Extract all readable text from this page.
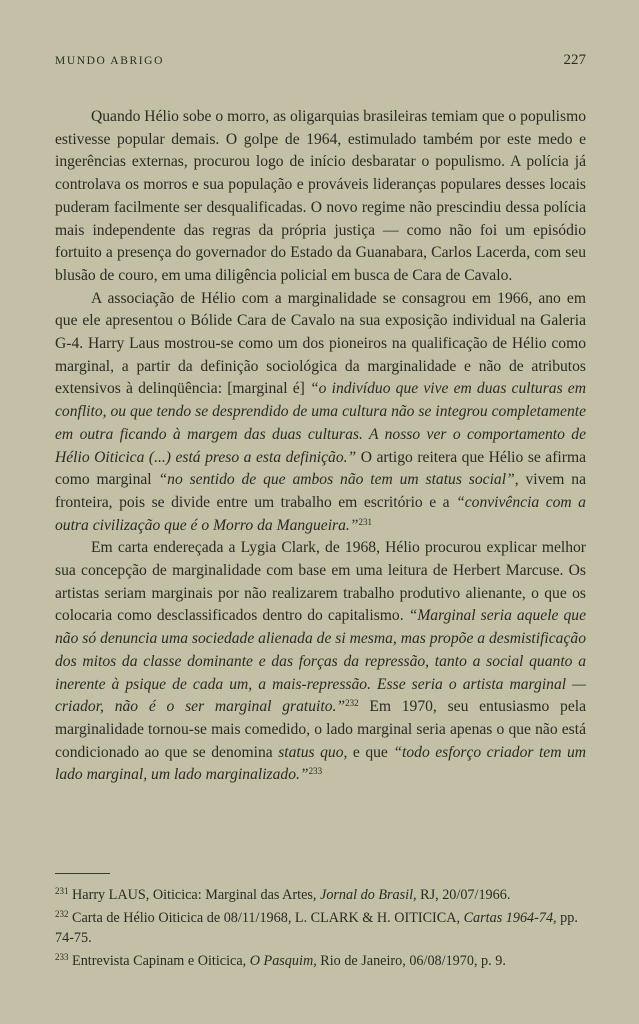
MUNDO ABRIGO	227

Quando Hélio sobe o morro, as oligarquias brasileiras temiam que o populismo estivesse popular demais. O golpe de 1964, estimulado também por este medo e ingerências externas, procurou logo de início desbaratar o populismo. A polícia já controlava os morros e sua população e prováveis lideranças populares desses locais puderam facilmente ser desqualificadas. O novo regime não prescindiu dessa polícia mais independente das regras da própria justiça — como não foi um episódio fortuito a presença do governador do Estado da Guanabara, Carlos Lacerda, com seu blusão de couro, em uma diligência policial em busca de Cara de Cavalo.

A associação de Hélio com a marginalidade se consagrou em 1966, ano em que ele apresentou o Bólide Cara de Cavalo na sua exposição individual na Galeria G-4. Harry Laus mostrou-se como um dos pioneiros na qualificação de Hélio como marginal, a partir da definição sociológica da marginalidade e não de atributos extensivos à delinqüência: [marginal é] “o indivíduo que vive em duas culturas em conflito, ou que tendo se desprendido de uma cultura não se integrou completamente em outra ficando à margem das duas culturas. A nosso ver o comportamento de Hélio Oiticica (...) está preso a esta definição.” O artigo reitera que Hélio se afirma como marginal “no sentido de que ambos não tem um status social”, vivem na fronteira, pois se divide entre um trabalho em escritório e a “convivência com a outra civilização que é o Morro da Mangueira.”$^{231}$

Em carta endereçada a Lygia Clark, de 1968, Hélio procurou explicar melhor sua concepção de marginalidade com base em uma leitura de Herbert Marcuse. Os artistas seriam marginais por não realizarem trabalho produtivo alienante, o que os colocaria como desclassificados dentro do capitalismo. “Marginal seria aquele que não só denuncia uma sociedade alienada de si mesma, mas propõe a desmistificação dos mitos da classe dominante e das forças da repressão, tanto a social quanto a inerente à psique de cada um, a mais-repressão. Esse seria o artista marginal — criador, não é o ser marginal gratuito.”$^{232}$ Em 1970, seu entusiasmo pela marginalidade tornou-se mais comedido, o lado marginal seria apenas o que não está condicionado ao que se denomina status quo, e que “todo esforço criador tem um lado marginal, um lado marginalizado.”$^{233}$

$^{231}$ Harry LAUS, Oiticica: Marginal das Artes, Jornal do Brasil, RJ, 20/07/1966.

$^{232}$ Carta de Hélio Oiticica de 08/11/1968, L. CLARK & H. OITICICA, Cartas 1964-74, pp. 74-75.

$^{233}$ Entrevista Capinam e Oiticica, O Pasquim, Rio de Janeiro, 06/08/1970, p. 9.
